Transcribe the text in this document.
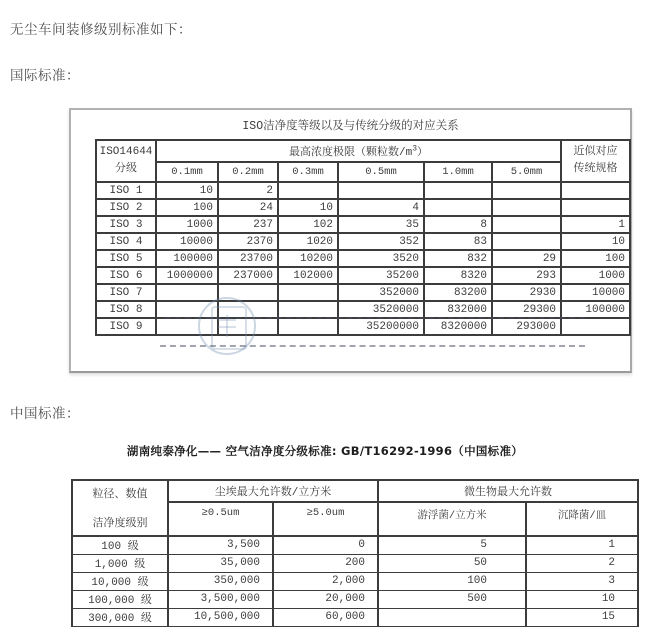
无尘车间装修级别标准如下：

国际标准：

ISO洁净度等级以及与传统分级的对应关系
ISO14644
分级	最高浓度极限（颗粒数$/m^3$）						近似对应
传统规格
	0.1mm	0.2mm	0.3mm	0.5mm	1.0mm	5.0mm	
ISO 1	10	2					
ISO 2	100	24	10	4			
ISO 3	1000	237	102	35	8		1
ISO 4	10000	2370	1020	352	83		10
ISO 5	100000	23700	10200	3520	832	29	100
ISO 6	1000000	237000	102000	35200	8320	293	1000
ISO 7				352000	83200	2930	10000
ISO 8				3520000	832000	29300	100000
ISO 9				35200000	8320000	293000	

中国标准：

湖南纯泰净化—— 空气洁净度分级标准: GB/T16292-1996（中国标准）
粒径、数值
洁净度级别	尘埃最大允许数/立方米		微生物最大允许数	
	≥0.5um	≥5.0um	游浮菌/立方米	沉降菌/皿
100 级	3,500	0	5	1
1,000 级	35,000	200	50	2
10,000 级	350,000	2,000	100	3
100,000 级	3,500,000	20,000	500	10
300,000 级	10,500,000	60,000		15
